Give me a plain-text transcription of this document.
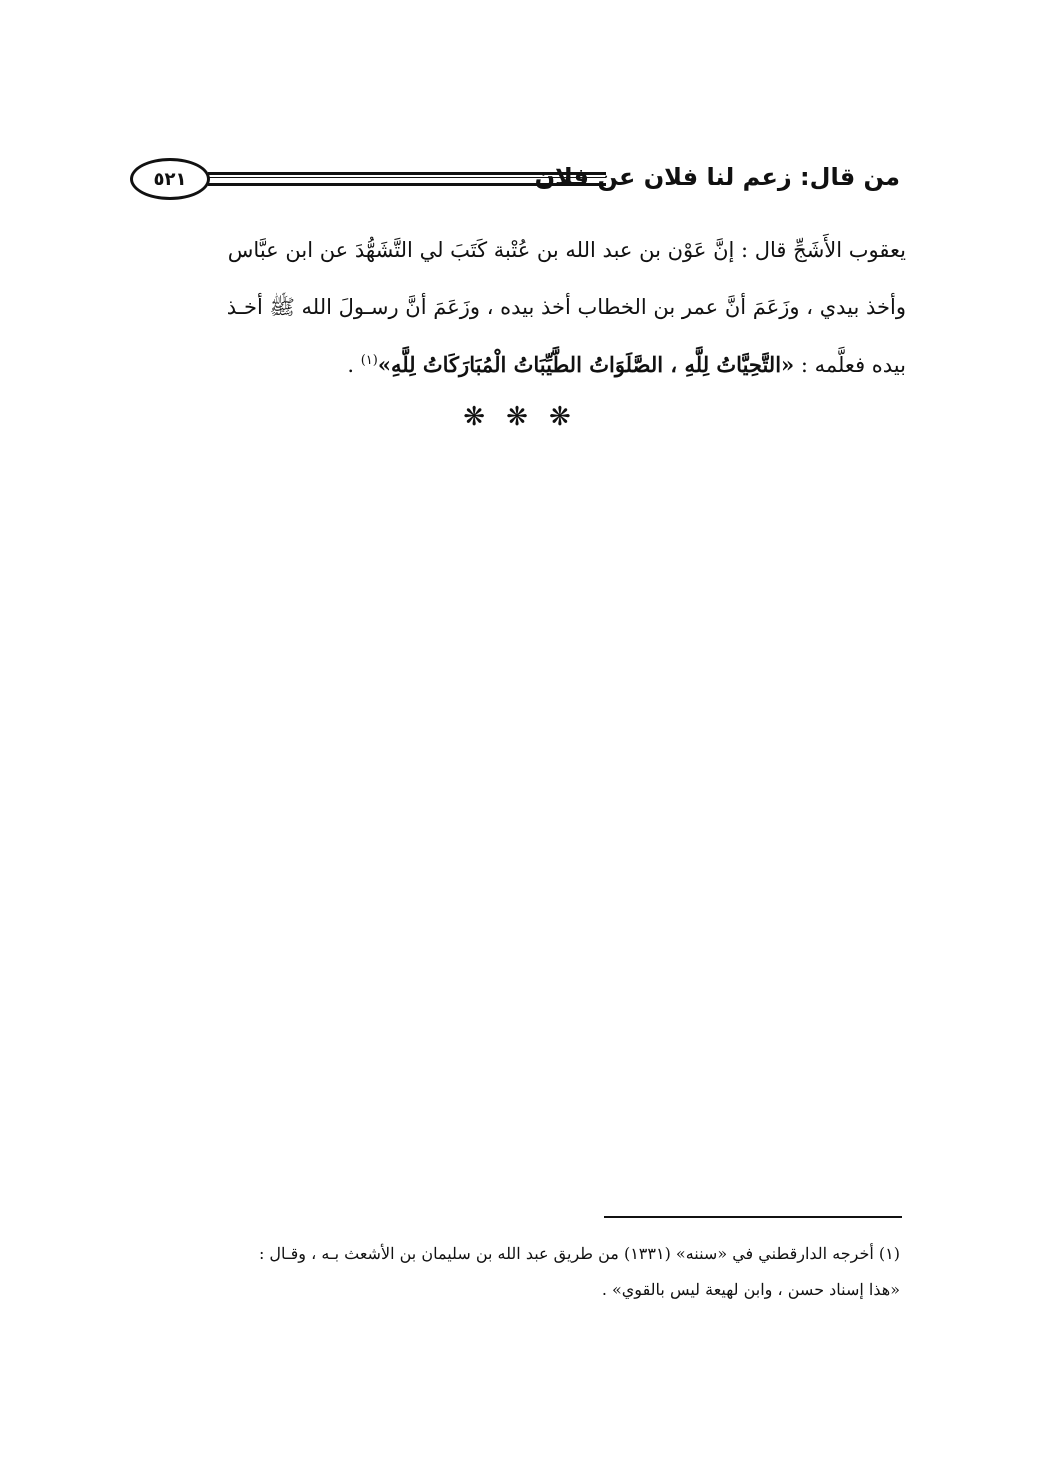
٥٢١	من قال: زعم لنا فلان عن فلان
يعقوب الأَشَجِّ قال : إنَّ عَوْن بن عبد الله بن عُتْبة كَتَبَ لي التَّشَهُّدَ عن ابن عبَّاس
وأخذ بيدي ، وزَعَمَ أنَّ عمر بن الخطاب أخذ بيده ، وزَعَمَ أنَّ رسـولَ الله ﷺ أخـذ
بيده فعلَّمه : «التَّحِيَّاتُ لِلَّهِ ، الصَّلَوَاتُ الطَّيِّبَاتُ الْمُبَارَكَاتُ لِلَّهِ»$^{(١)}$ .
❋ ❋ ❋
(١) أخرجه الدارقطني في «سننه» (١٣٣١) من طريق عبد الله بن سليمان بن الأشعث بـه ، وقـال :
«هذا إسناد حسن ، وابن لهيعة ليس بالقوي» .
